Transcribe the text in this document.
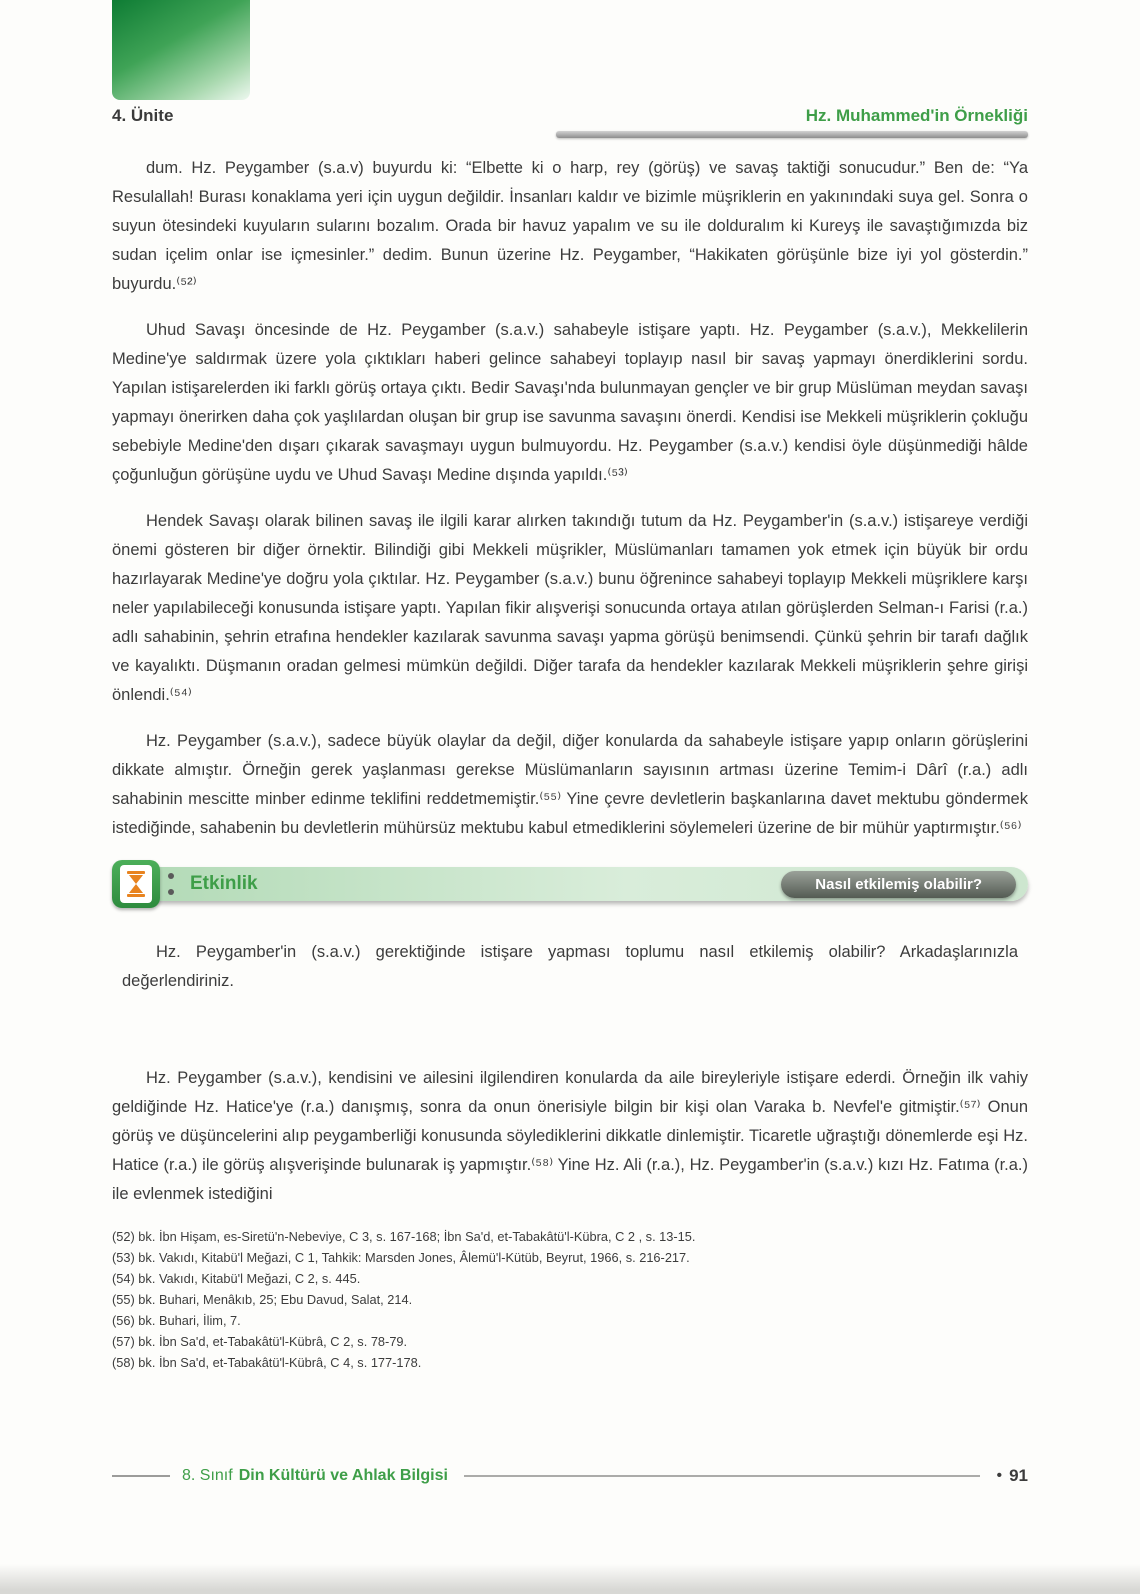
4. Ünite	Hz. Muhammed'in Örnekliği

dum. Hz. Peygamber (s.a.v) buyurdu ki: “Elbette ki o harp, rey (görüş) ve savaş taktiği sonucudur.” Ben de: “Ya Resulallah! Burası konaklama yeri için uygun değildir. İnsanları kaldır ve bizimle müşriklerin en yakınındaki suya gel. Sonra o suyun ötesindeki kuyuların sularını bozalım. Orada bir havuz yapalım ve su ile dolduralım ki Kureyş ile savaştığımızda biz sudan içelim onlar ise içmesinler.” dedim. Bunun üzerine Hz. Peygamber, “Hakikaten görüşünle bize iyi yol gösterdin.” buyurdu.⁽⁵²⁾

Uhud Savaşı öncesinde de Hz. Peygamber (s.a.v.) sahabeyle istişare yaptı. Hz. Peygamber (s.a.v.), Mekkelilerin Medine'ye saldırmak üzere yola çıktıkları haberi gelince sahabeyi toplayıp nasıl bir savaş yapmayı önerdiklerini sordu. Yapılan istişarelerden iki farklı görüş ortaya çıktı. Bedir Savaşı'nda bulunmayan gençler ve bir grup Müslüman meydan savaşı yapmayı önerirken daha çok yaşlılardan oluşan bir grup ise savunma savaşını önerdi. Kendisi ise Mekkeli müşriklerin çokluğu sebebiyle Medine'den dışarı çıkarak savaşmayı uygun bulmuyordu. Hz. Peygamber (s.a.v.) kendisi öyle düşünmediği hâlde çoğunluğun görüşüne uydu ve Uhud Savaşı Medine dışında yapıldı.⁽⁵³⁾

Hendek Savaşı olarak bilinen savaş ile ilgili karar alırken takındığı tutum da Hz. Peygamber'in (s.a.v.) istişareye verdiği önemi gösteren bir diğer örnektir. Bilindiği gibi Mekkeli müşrikler, Müslümanları tamamen yok etmek için büyük bir ordu hazırlayarak Medine'ye doğru yola çıktılar. Hz. Peygamber (s.a.v.) bunu öğrenince sahabeyi toplayıp Mekkeli müşriklere karşı neler yapılabileceği konusunda istişare yaptı. Yapılan fikir alışverişi sonucunda ortaya atılan görüşlerden Selman-ı Farisi (r.a.) adlı sahabinin, şehrin etrafına hendekler kazılarak savunma savaşı yapma görüşü benimsendi. Çünkü şehrin bir tarafı dağlık ve kayalıktı. Düşmanın oradan gelmesi mümkün değildi. Diğer tarafa da hendekler kazılarak Mekkeli müşriklerin şehre girişi önlendi.⁽⁵⁴⁾

Hz. Peygamber (s.a.v.), sadece büyük olaylar da değil, diğer konularda da sahabeyle istişare yapıp onların görüşlerini dikkate almıştır. Örneğin gerek yaşlanması gerekse Müslümanların sayısının artması üzerine Temim-i Dârî (r.a.) adlı sahabinin mescitte minber edinme teklifini reddetmemiştir.⁽⁵⁵⁾ Yine çevre devletlerin başkanlarına davet mektubu göndermek istediğinde, sahabenin bu devletlerin mühürsüz mektubu kabul etmediklerini söylemeleri üzerine de bir mühür yaptırmıştır.⁽⁵⁶⁾

Etkinlik	Nasıl etkilemiş olabilir?
Hz. Peygamber'in (s.a.v.) gerektiğinde istişare yapması toplumu nasıl etkilemiş olabilir? Arkadaşlarınızla değerlendiriniz.

Hz. Peygamber (s.a.v.), kendisini ve ailesini ilgilendiren konularda da aile bireyleriyle istişare ederdi. Örneğin ilk vahiy geldiğinde Hz. Hatice'ye (r.a.) danışmış, sonra da onun önerisiyle bilgin bir kişi olan Varaka b. Nevfel'e gitmiştir.⁽⁵⁷⁾ Onun görüş ve düşüncelerini alıp peygamberliği konusunda söylediklerini dikkatle dinlemiştir. Ticaretle uğraştığı dönemlerde eşi Hz. Hatice (r.a.) ile görüş alışverişinde bulunarak iş yapmıştır.⁽⁵⁸⁾ Yine Hz. Ali (r.a.), Hz. Peygamber'in (s.a.v.) kızı Hz. Fatıma (r.a.) ile evlenmek istediğini

(52) bk. İbn Hişam, es-Siretü'n-Nebeviye, C 3, s. 167-168; İbn Sa'd, et-Tabakâtü'l-Kübra, C 2 , s. 13-15.

(53) bk. Vakıdı, Kitabü'l Meğazi, C 1, Tahkik: Marsden Jones, Âlemü'l-Kütüb, Beyrut, 1966, s. 216-217.

(54) bk. Vakıdı, Kitabü'l Meğazi, C 2, s. 445.

(55) bk. Buhari, Menâkıb, 25; Ebu Davud, Salat, 214.

(56) bk. Buhari, İlim, 7.

(57) bk. İbn Sa'd, et-Tabakâtü'l-Kübrâ, C 2, s. 78-79.

(58) bk. İbn Sa'd, et-Tabakâtü'l-Kübrâ, C 4, s. 177-178.

8. Sınıf Din Kültürü ve Ahlak Bilgisi	• 91
